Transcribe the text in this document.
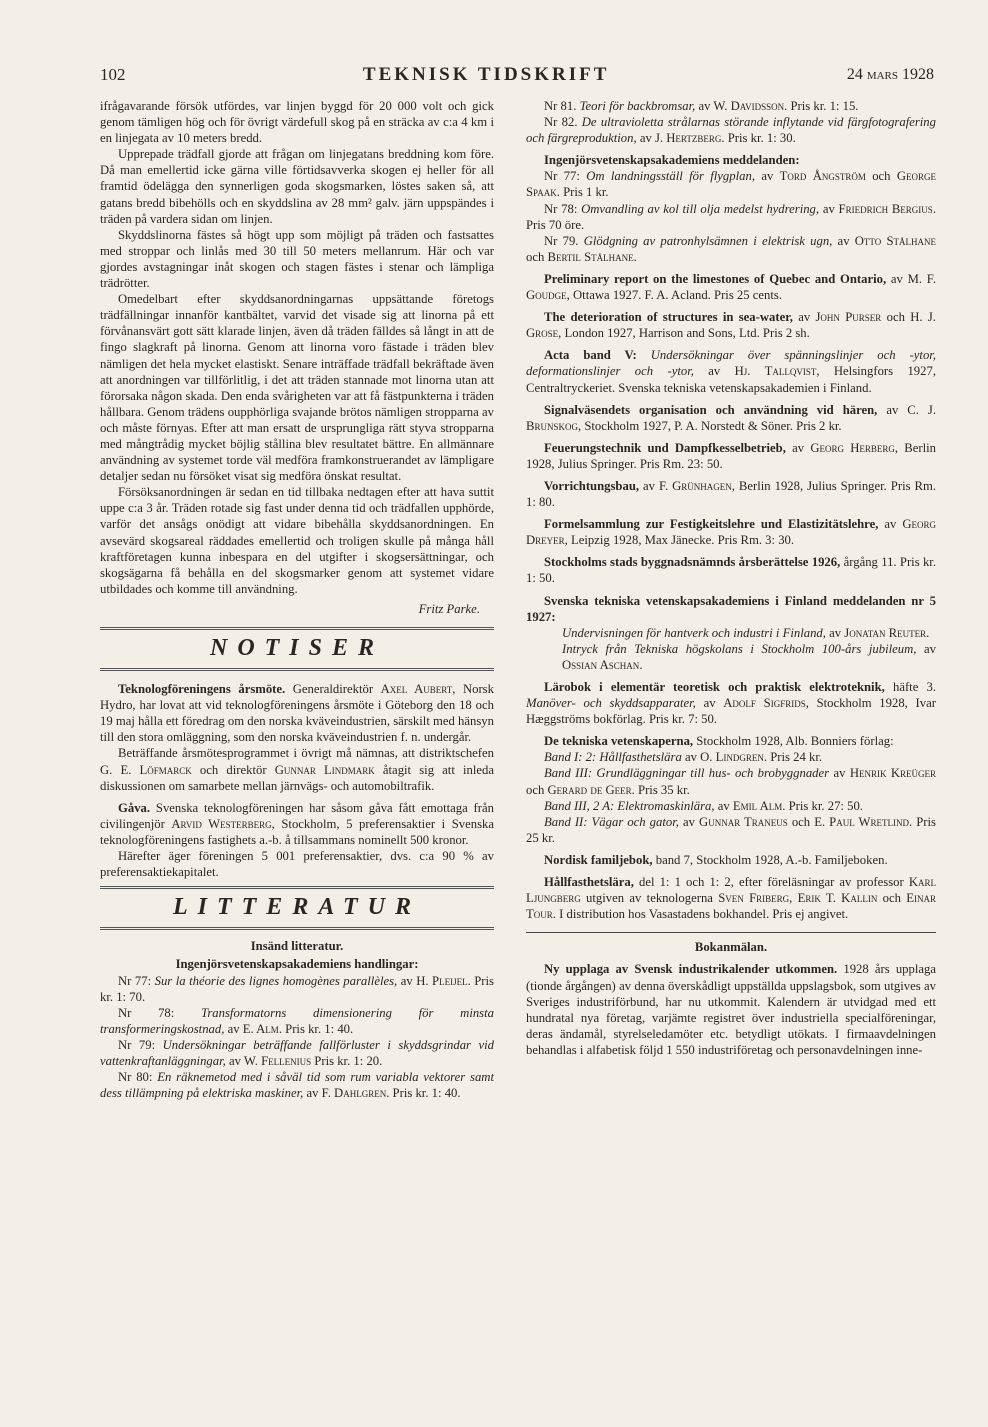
102	TEKNISK TIDSKRIFT	24 mars 1928

ifrågavarande försök utfördes, var linjen byggd för 20 000 volt och gick genom tämligen hög och för övrigt värdefull skog på en sträcka av c:a 4 km i en linjegata av 10 meters bredd.

Upprepade trädfall gjorde att frågan om linjegatans breddning kom före. Då man emellertid icke gärna ville förtidsavverka skogen ej heller för all framtid ödelägga den synnerligen goda skogsmarken, löstes saken så, att gatans bredd bibehölls och en skyddslina av 28 mm² galv. järn uppspändes i träden på vardera sidan om linjen.

Skyddslinorna fästes så högt upp som möjligt på träden och fastsattes med stroppar och linlås med 30 till 50 meters mellanrum. Här och var gjordes avstagningar inåt skogen och stagen fästes i stenar och lämpliga trädrötter.

Omedelbart efter skyddsanordningarnas uppsättande företogs trädfällningar innanför kantbältet, varvid det visade sig att linorna på ett förvånansvärt gott sätt klarade linjen, även då träden fälldes så långt in att de fingo slagkraft på linorna. Genom att linorna voro fästade i träden blev nämligen det hela mycket elastiskt. Senare inträffade trädfall bekräftade även att anordningen var tillförlitlig, i det att träden stannade mot linorna utan att förorsaka någon skada. Den enda svårigheten var att få fästpunkterna i träden hållbara. Genom trädens oupphörliga svajande brötos nämligen stropparna av och måste förnyas. Efter att man ersatt de ursprungliga rätt styva stropparna med mångtrådig mycket böjlig stållina blev resultatet bättre. En allmännare användning av systemet torde väl medföra framkonstruerandet av lämpligare detaljer sedan nu försöket visat sig medföra önskat resultat.

Försöksanordningen är sedan en tid tillbaka nedtagen efter att hava suttit uppe c:a 3 år. Träden rotade sig fast under denna tid och trädfallen upphörde, varför det ansågs onödigt att vidare bibehålla skyddsanordningen. En avsevärd skogsareal räddades emellertid och troligen skulle på många håll kraftföretagen kunna inbespara en del utgifter i skogsersättningar, och skogsägarna få behålla en del skogsmarker genom att systemet vidare utbildades och komme till användning.

Fritz Parke.
NOTISER

Teknologföreningens årsmöte. Generaldirektör Axel Aubert, Norsk Hydro, har lovat att vid teknologföreningens årsmöte i Göteborg den 18 och 19 maj hålla ett föredrag om den norska kväveindustrien, särskilt med hänsyn till den stora omläggning, som den norska kväveindustrien f. n. undergår.

Beträffande årsmötesprogrammet i övrigt må nämnas, att distriktschefen G. E. Löfmarck och direktör Gunnar Lindmark åtagit sig att inleda diskussionen om samarbete mellan järnvägs- och automobiltrafik.

Gåva. Svenska teknologföreningen har såsom gåva fått emottaga från civilingenjör Arvid Westerberg, Stockholm, 5 preferensaktier i Svenska teknologföreningens fastighets a.-b. å tillsammans nominellt 500 kronor.

Härefter äger föreningen 5 001 preferensaktier, dvs. c:a 90 % av preferensaktiekapitalet.

LITTERATUR

Insänd litteratur.

Ingenjörsvetenskapsakademiens handlingar:

Nr 77: Sur la théorie des lignes homogènes parallèles, av H. Pleijel. Pris kr. 1: 70.

Nr 78: Transformatorns dimensionering för minsta transformeringskostnad, av E. Alm. Pris kr. 1: 40.

Nr 79: Undersökningar beträffande fallförluster i skyddsgrindar vid vattenkraftanläggningar, av W. Fellenius Pris kr. 1: 20.

Nr 80: En räknemetod med i såväl tid som rum variabla vektorer samt dess tillämpning på elektriska maskiner, av F. Dahlgren. Pris kr. 1: 40.

Nr 81. Teori för backbromsar, av W. Davidsson. Pris kr. 1: 15.

Nr 82. De ultravioletta strålarnas störande inflytande vid färgfotografering och färgreproduktion, av J. Hertzberg. Pris kr. 1: 30.

Ingenjörsvetenskapsakademiens meddelanden:

Nr 77: Om landningsställ för flygplan, av Tord Ångström och George Spaak. Pris 1 kr.

Nr 78: Omvandling av kol till olja medelst hydrering, av Friedrich Bergius. Pris 70 öre.

Nr 79. Glödgning av patronhylsämnen i elektrisk ugn, av Otto Stålhane och Bertil Stålhane.

Preliminary report on the limestones of Quebec and Ontario, av M. F. Goudge, Ottawa 1927. F. A. Acland. Pris 25 cents.

The deterioration of structures in sea-water, av John Purser och H. J. Grose, London 1927, Harrison and Sons, Ltd. Pris 2 sh.

Acta band V: Undersökningar över spänningslinjer och -ytor, deformationslinjer och -ytor, av Hj. Tallqvist, Helsingfors 1927, Centraltryckeriet. Svenska tekniska vetenskapsakademien i Finland.

Signalväsendets organisation och användning vid hären, av C. J. Brunskog, Stockholm 1927, P. A. Norstedt & Söner. Pris 2 kr.

Feuerungstechnik und Dampfkesselbetrieb, av Georg Herberg, Berlin 1928, Julius Springer. Pris Rm. 23: 50.

Vorrichtungsbau, av F. Grünhagen, Berlin 1928, Julius Springer. Pris Rm. 1: 80.

Formelsammlung zur Festigkeitslehre und Elastizitätslehre, av Georg Dreyer, Leipzig 1928, Max Jänecke. Pris Rm. 3: 30.

Stockholms stads byggnadsnämnds årsberättelse 1926, årgång 11. Pris kr. 1: 50.

Svenska tekniska vetenskapsakademiens i Finland meddelanden nr 5 1927:

Undervisningen för hantverk och industri i Finland, av Jonatan Reuter.

Intryck från Tekniska högskolans i Stockholm 100-års jubileum, av Ossian Aschan.

Lärobok i elementär teoretisk och praktisk elektroteknik, häfte 3. Manöver- och skyddsapparater, av Adolf Sigfrids, Stockholm 1928, Ivar Hæggströms bokförlag. Pris kr. 7: 50.

De tekniska vetenskaperna, Stockholm 1928, Alb. Bonniers förlag:

Band I: 2: Hållfasthetslära av O. Lindgren. Pris 24 kr.

Band III: Grundläggningar till hus- och brobyggnader av Henrik Kreüger och Gerard de Geer. Pris 35 kr.

Band III, 2 A: Elektromaskinlära, av Emil Alm. Pris kr. 27: 50.

Band II: Vägar och gator, av Gunnar Traneus och E. Paul Wretlind. Pris 25 kr.

Nordisk familjebok, band 7, Stockholm 1928, A.-b. Familjeboken.

Hållfasthetslära, del 1: 1 och 1: 2, efter föreläsningar av professor Karl Ljungberg utgiven av teknologerna Sven Friberg, Erik T. Kallin och Einar Tour. I distribution hos Vasastadens bokhandel. Pris ej angivet.

Bokanmälan.

Ny upplaga av Svensk industrikalender utkommen. 1928 års upplaga (tionde årgången) av denna överskådligt uppställda uppslagsbok, som utgives av Sveriges industriförbund, har nu utkommit. Kalendern är utvidgad med ett hundratal nya företag, varjämte registret över industriella specialföreningar, deras ändamål, styrelseledamöter etc. betydligt utökats. I firmaavdelningen behandlas i alfabetisk följd 1 550 industriföretag och personavdelningen inne-
